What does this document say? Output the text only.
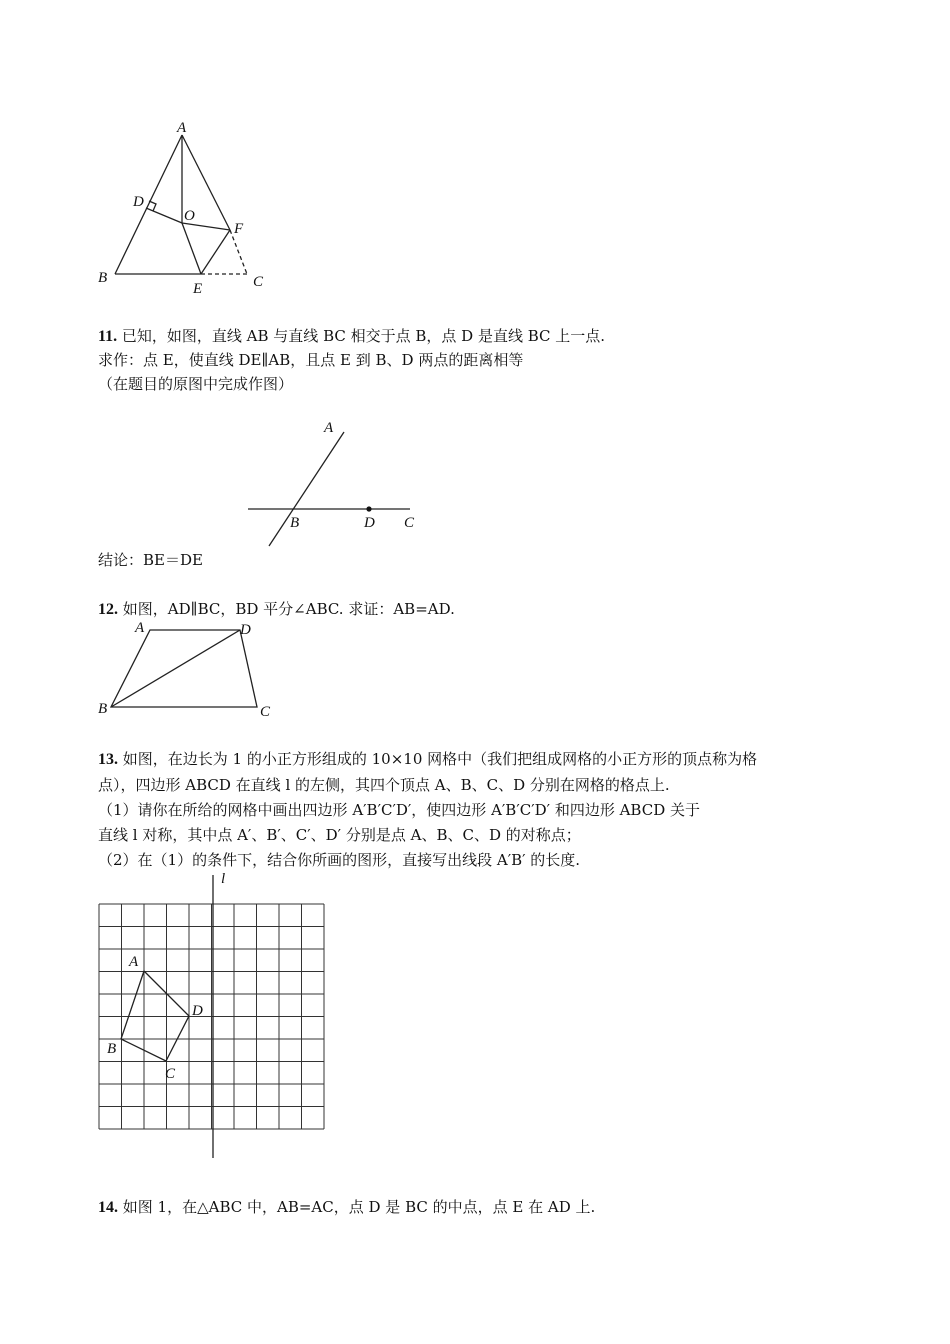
A
D
O
F
B
E	C
11. 已知，如图，直线 AB 与直线 BC 相交于点 B，点 D 是直线 BC 上一点.
求作：点 E，使直线 DE∥AB，且点 E 到 B、D 两点的距离相等
（在题目的原图中完成作图）
A
B	D C
结论：BE＝DE
12. 如图，AD∥BC，BD 平分∠ABC. 求证：AB=AD.
A	D
B	C
13. 如图，在边长为 1 的小正方形组成的 10×10 网格中（我们把组成网格的小正方形的顶点称为格
点），四边形 ABCD 在直线 l 的左侧，其四个顶点 A、B、C、D 分别在网格的格点上.
（1）请你在所给的网格中画出四边形 A′B′C′D′，使四边形 A′B′C′D′ 和四边形 ABCD 关于
直线 l 对称，其中点 A′、B′、C′、D′ 分别是点 A、B、C、D 的对称点；
（2）在（1）的条件下，结合你所画的图形，直接写出线段 A′B′ 的长度.
l
A
D
B
C
14. 如图 1，在△ABC 中，AB=AC，点 D 是 BC 的中点，点 E 在 AD 上.
